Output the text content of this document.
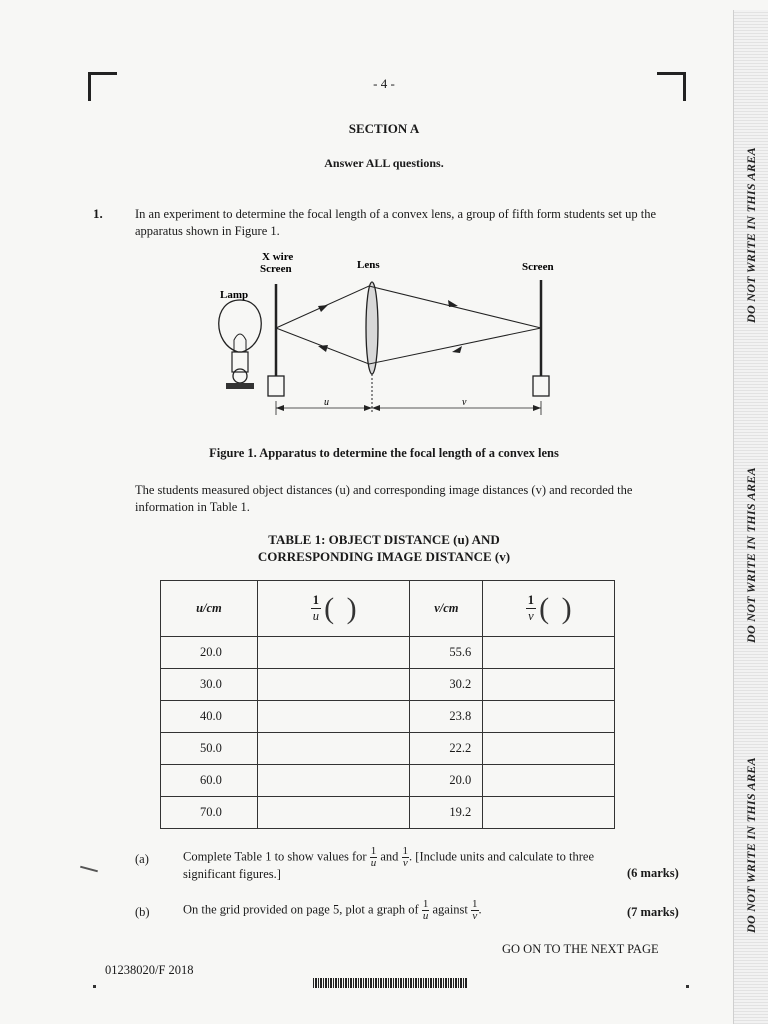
- 4 -
SECTION A
Answer ALL questions.
1.	In an experiment to determine the focal length of a convex lens, a group of fifth form students set up the apparatus shown in Figure 1.
X wire
Screen	Lens	Screen
Lamp
u	v
Figure 1. Apparatus to determine the focal length of a convex lens
The students measured object distances (u) and corresponding image distances (v) and recorded the information in Table 1.
TABLE 1: OBJECT DISTANCE (u) AND
CORRESPONDING IMAGE DISTANCE (v)
u/cm	$\frac{1}{u}$ ( )	v/cm	$\frac{1}{v}$ ( )
20.0		55.6	
30.0		30.2	
40.0		23.8	
50.0		22.2	
60.0		20.0	
70.0		19.2	
(a)	Complete Table 1 to show values for $\frac{1}{u}$ and $\frac{1}{v}$ . [Include units and calculate to three
significant figures.]	(6 marks)
(b)	On the grid provided on page 5, plot a graph of $\frac{1}{u}$ against $\frac{1}{v}$ .	(7 marks)
GO ON TO THE NEXT PAGE
01238020/F 2018
DO NOT WRITE IN THIS AREA
DO NOT WRITE IN THIS AREA
DO NOT WRITE IN THIS AREA
